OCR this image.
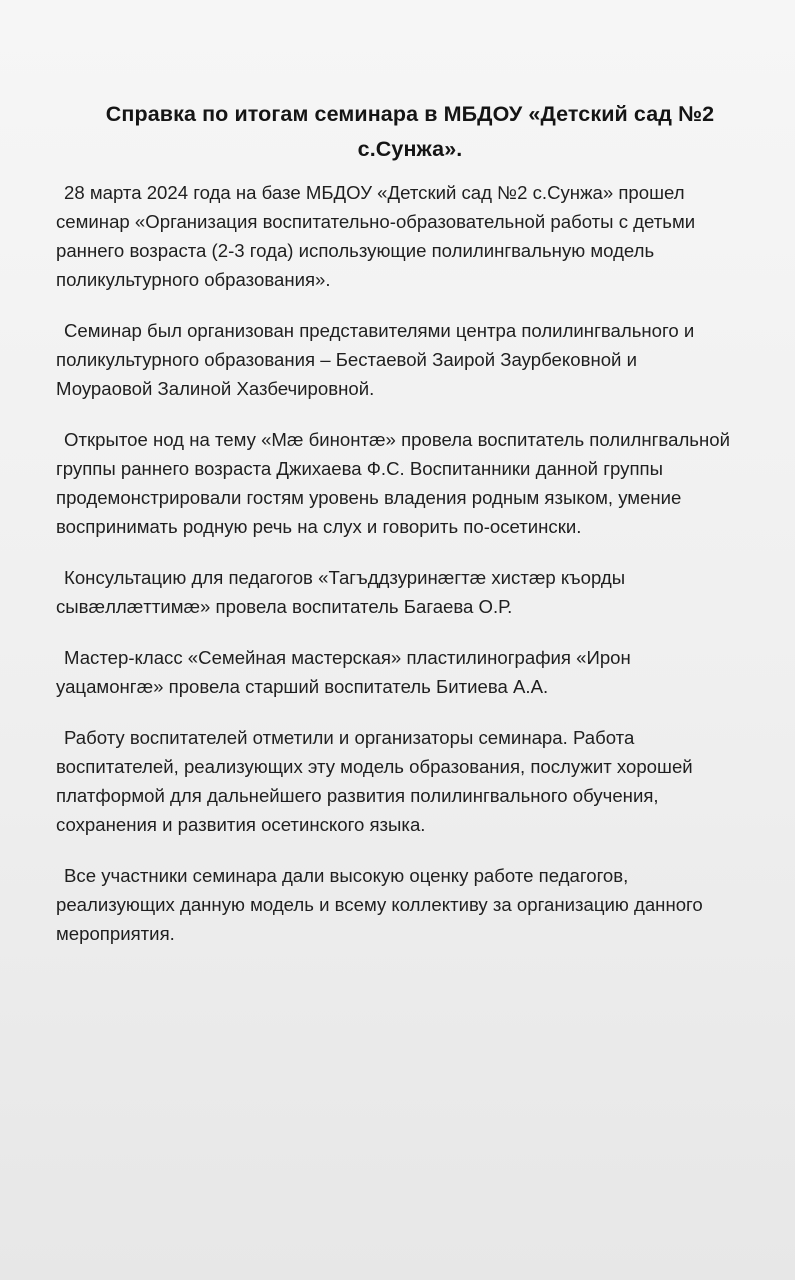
Справка по итогам семинара в МБДОУ «Детский сад №2
с.Сунжа».

28 марта 2024 года на базе МБДОУ «Детский сад №2 с.Сунжа» прошел
семинар «Организация воспитательно-образовательной работы с детьми
раннего возраста (2-3 года) использующие полилингвальную модель
поликультурного образования».

Семинар был организован представителями центра полилингвального и
поликультурного образования – Бестаевой Заирой Заурбековной и
Моураовой Залиной Хазбечировной.

Открытое нод на тему «Мæ бинонтæ» провела воспитатель полилнгвальной
группы раннего возраста Джихаева Ф.С. Воспитанники данной группы
продемонстрировали гостям уровень владения родным языком, умение
воспринимать родную речь на слух и говорить по-осетински.

Консультацию для педагогов «Тагъддзуринæгтæ хистæр къорды
сывæллæттимæ» провела воспитатель Багаева О.Р.

Мастер-класс «Семейная мастерская» пластилинография «Ирон
уацамонгæ» провела старший воспитатель Битиева А.А.

Работу воспитателей отметили и организаторы семинара. Работа
воспитателей, реализующих эту модель образования, послужит хорошей
платформой для дальнейшего развития полилингвального обучения,
сохранения и развития осетинского языка.

Все участники семинара дали высокую оценку работе педагогов,
реализующих данную модель и всему коллективу за организацию данного
мероприятия.
